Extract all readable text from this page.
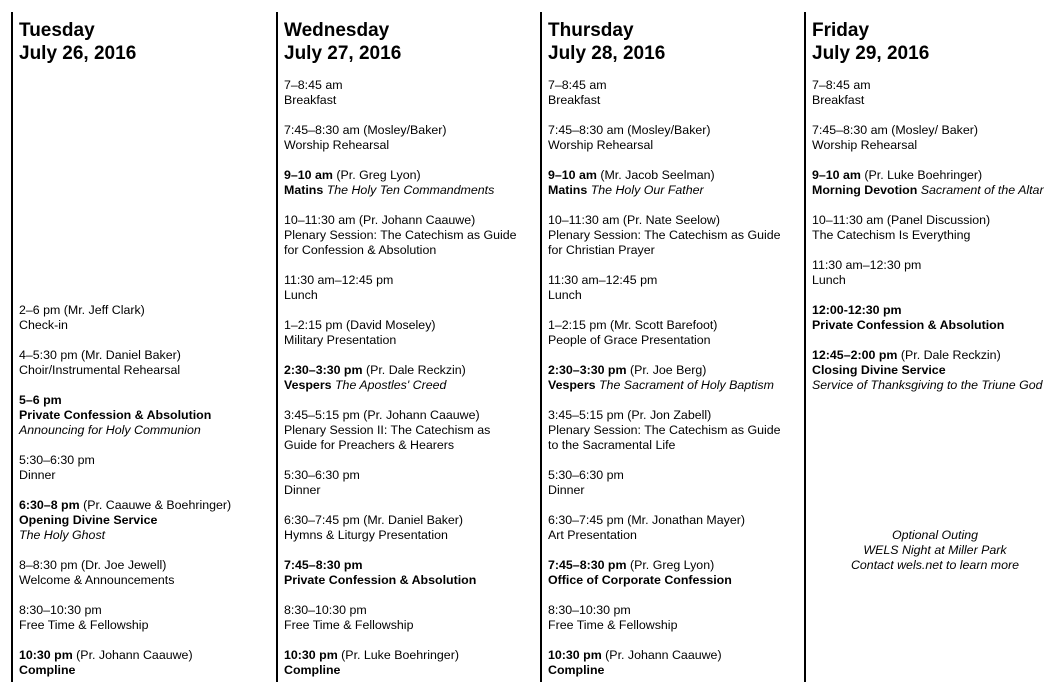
Tuesday
July 26, 2016
2–6 pm (Mr. Jeff Clark)
Check-in
4–5:30 pm (Mr. Daniel Baker)
Choir/Instrumental Rehearsal
5–6 pm
Private Confession & Absolution
Announcing for Holy Communion
5:30–6:30 pm
Dinner
6:30–8 pm (Pr. Caauwe & Boehringer)
Opening Divine Service
The Holy Ghost
8–8:30 pm (Dr. Joe Jewell)
Welcome & Announcements
8:30–10:30 pm
Free Time & Fellowship
10:30 pm (Pr. Johann Caauwe)
Compline
Wednesday
July 27, 2016
7–8:45 am
Breakfast
7:45–8:30 am (Mosley/Baker)
Worship Rehearsal
9–10 am (Pr. Greg Lyon)
Matins The Holy Ten Commandments
10–11:30 am (Pr. Johann Caauwe)
Plenary Session: The Catechism as Guide
for Confession & Absolution
11:30 am–12:45 pm
Lunch
1–2:15 pm (David Moseley)
Military Presentation
2:30–3:30 pm (Pr. Dale Reckzin)
Vespers The Apostles' Creed
3:45–5:15 pm (Pr. Johann Caauwe)
Plenary Session II: The Catechism as
Guide for Preachers & Hearers
5:30–6:30 pm
Dinner
6:30–7:45 pm (Mr. Daniel Baker)
Hymns & Liturgy Presentation
7:45–8:30 pm
Private Confession & Absolution
8:30–10:30 pm
Free Time & Fellowship
10:30 pm (Pr. Luke Boehringer)
Compline
Thursday
July 28, 2016
7–8:45 am
Breakfast
7:45–8:30 am (Mosley/Baker)
Worship Rehearsal
9–10 am (Mr. Jacob Seelman)
Matins The Holy Our Father
10–11:30 am (Pr. Nate Seelow)
Plenary Session: The Catechism as Guide
for Christian Prayer
11:30 am–12:45 pm
Lunch
1–2:15 pm (Mr. Scott Barefoot)
People of Grace Presentation
2:30–3:30 pm (Pr. Joe Berg)
Vespers The Sacrament of Holy Baptism
3:45–5:15 pm (Pr. Jon Zabell)
Plenary Session: The Catechism as Guide
to the Sacramental Life
5:30–6:30 pm
Dinner
6:30–7:45 pm (Mr. Jonathan Mayer)
Art Presentation
7:45–8:30 pm (Pr. Greg Lyon)
Office of Corporate Confession
8:30–10:30 pm
Free Time & Fellowship
10:30 pm (Pr. Johann Caauwe)
Compline
Friday
July 29, 2016
7–8:45 am
Breakfast
7:45–8:30 am (Mosley/ Baker)
Worship Rehearsal
9–10 am (Pr. Luke Boehringer)
Morning Devotion Sacrament of the Altar
10–11:30 am (Panel Discussion)
The Catechism Is Everything
11:30 am–12:30 pm
Lunch
12:00-12:30 pm
Private Confession & Absolution
12:45–2:00 pm (Pr. Dale Reckzin)
Closing Divine Service
Service of Thanksgiving to the Triune God
Optional Outing
WELS Night at Miller Park
Contact wels.net to learn more
